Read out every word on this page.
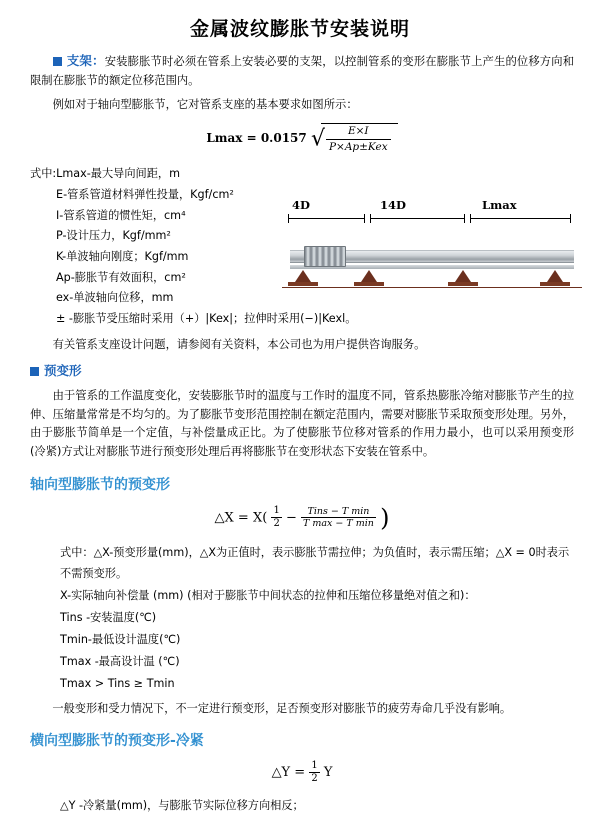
金属波纹膨胀节安装说明

支架：安装膨胀节时必须在管系上安装必要的支架，以控制管系的变形在膨胀节上产生的位移方向和限制在膨胀节的额定位移范围内。

例如对于轴向型膨胀节，它对管系支座的基本要求如图所示：

Lmax = 0.0157 √
$\frac{E\times I}{\text{P×Ap±Kex}}$
式中:Lmax-最大导向间距，m
E-管系管道材料弹性投量，Kgf/cm²
I-管系管道的惯性矩，cm⁴
P-设计压力，Kgf/mm²
K-单波轴向刚度；Kgf/mm
Ap-膨胀节有效面积，cm²
ex-单波轴向位移，mm
± -膨胀节受压缩时采用（+）|Kex|；拉伸时采用(−)|Kexl。

有关管系支座设计问题，请参阅有关资料，本公司也为用户提供咨询服务。

预变形

由于管系的工作温度变化，安装膨胀节时的温度与工作时的温度不同，管系热膨胀冷缩对膨胀节产生的拉伸、压缩量常常是不均匀的。为了膨胀节变形范围控制在额定范围内，需要对膨胀节采取预变形处理。另外，由于膨胀节简单是一个定值，与补偿量成正比。为了使膨胀节位移对管系的作用力最小，也可以采用预变形(冷紧)方式让对膨胀节进行预变形处理后再将膨胀节在变形状态下安装在管系中。

轴向型膨胀节的预变形
△X = $X( \frac{1}{2} - \frac{\text{Tins − T min}}{\text{T max − T min}}$ )
式中：△X-预变形量(mm)，△X为正值时，表示膨胀节需拉伸；为负值时，表示需压缩；△X = 0时表示不需预变形。
X-实际轴向补偿量 (mm) (相对于膨胀节中间状态的拉伸和压缩位移量绝对值之和)：
Tins -安装温度(℃)
Tmin-最低设计温度(℃)
Tmax -最高设计温 (℃)
Tmax > Tins ≥ Tmin

一般变形和受力情况下，不一定进行预变形，足否预变形对膨胀节的疲劳寿命几乎没有影响。

横向型膨胀节的预变形-冷紧
△Y = $\frac{1}{2}$ Y
△Y -冷紧量(mm)，与膨胀节实际位移方向相反；
4D	14D	Lmax
